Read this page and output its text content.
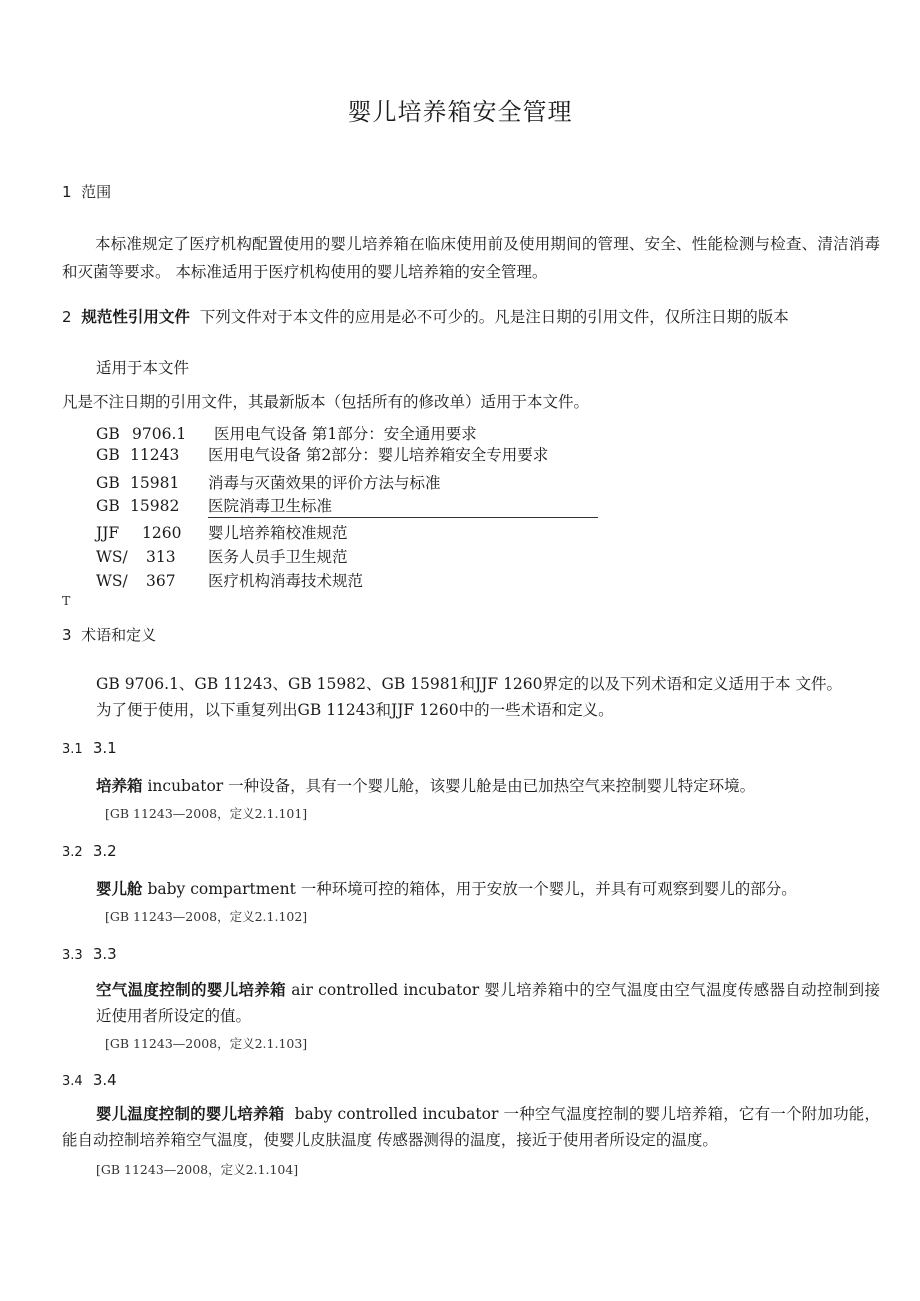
婴儿培养箱安全管理
1 范围
本标准规定了医疗机构配置使用的婴儿培养箱在临床使用前及使用期间的管理、安全、性能检测与检查、清洁消毒和灭菌等要求。 本标准适用于医疗机构使用的婴儿培养箱的安全管理。
2 规范性引用文件 下列文件对于本文件的应用是必不可少的。凡是注日期的引用文件，仅所注日期的版本
适用于本文件
凡是不注日期的引用文件，其最新版本（包括所有的修改单）适用于本文件。
GB 9706.1 医用电气设备 第1部分：安全通用要求
GB 11243 医用电气设备 第2部分：婴儿培养箱安全专用要求
GB 15981 消毒与灭菌效果的评价方法与标准
GB 15982 医院消毒卫生标准
JJF 1260 婴儿培养箱校准规范
WS/ 313 医务人员手卫生规范
WS/ 367 医疗机构消毒技术规范
T
3 术语和定义
GB 9706.1、GB 11243、GB 15982、GB 15981和JJF 1260界定的以及下列术语和定义适用于本 文件。
为了便于使用，以下重复列出GB 11243和JJF 1260中的一些术语和定义。
3.1 3.1
培养箱 incubator 一种设备，具有一个婴儿舱，该婴儿舱是由已加热空气来控制婴儿特定环境。
[GB 11243—2008，定义2.1.101]
3.2 3.2
婴儿舱 baby compartment 一种环境可控的箱体，用于安放一个婴儿，并具有可观察到婴儿的部分。
[GB 11243—2008，定义2.1.102]
3.3 3.3
空气温度控制的婴儿培养箱 air controlled incubator 婴儿培养箱中的空气温度由空气温度传感器自动控制到接近使用者所设定的值。
[GB 11243—2008，定义2.1.103]
3.4 3.4
婴儿温度控制的婴儿培养箱 baby controlled incubator 一种空气温度控制的婴儿培养箱，它有一个附加功能，能自动控制培养箱空气温度，使婴儿皮肤温度 传感器测得的温度，接近于使用者所设定的温度。
[GB 11243—2008，定义2.1.104]
